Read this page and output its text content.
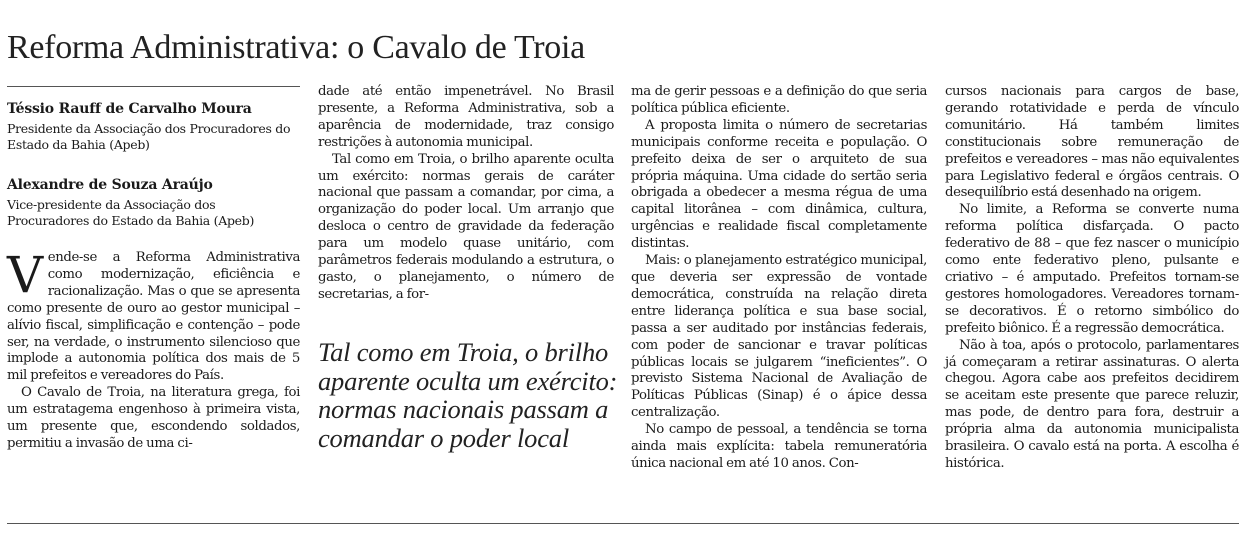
Reforma Administrativa: o Cavalo de Troia
Téssio Rauff de Carvalho Moura
Presidente da Associação dos Procuradores do Estado da Bahia (Apeb)
Alexandre de Souza Araújo
Vice-presidente da Associação dos Procuradores do Estado da Bahia (Apeb)

Vende-se a Reforma Administrativa como modernização, eficiência e racionalização. Mas o que se apresenta como presente de ouro ao gestor municipal – alívio fiscal, simplificação e contenção – pode ser, na verdade, o instrumento silencioso que implode a autonomia política dos mais de 5 mil prefeitos e vereadores do País.

O Cavalo de Troia, na literatura grega, foi um estratagema engenhoso à primeira vista, um presente que, escondendo soldados, permitiu a invasão de uma ci-

dade até então impenetrável. No Brasil presente, a Reforma Administrativa, sob a aparência de modernidade, traz consigo restrições à autonomia municipal.

Tal como em Troia, o brilho aparente oculta um exército: normas gerais de caráter nacional que passam a comandar, por cima, a organização do poder local. Um arranjo que desloca o centro de gravidade da federação para um modelo quase unitário, com parâmetros federais modulando a estrutura, o gasto, o planejamento, o número de secretarias, a for-

Tal como em Troia, o brilho aparente oculta um exército: normas nacionais passam a comandar o poder local

ma de gerir pessoas e a definição do que seria política pública eficiente.

A proposta limita o número de secretarias municipais conforme receita e população. O prefeito deixa de ser o arquiteto de sua própria máquina. Uma cidade do sertão seria obrigada a obedecer a mesma régua de uma capital litorânea – com dinâmica, cultura, urgências e realidade fiscal completamente distintas.

Mais: o planejamento estratégico municipal, que deveria ser expressão de vontade democrática, construída na relação direta entre liderança política e sua base social, passa a ser auditado por instâncias federais, com poder de sancionar e travar políticas públicas locais se julgarem “ineficientes”. O previsto Sistema Nacional de Avaliação de Políticas Públicas (Sinap) é o ápice dessa centralização.

No campo de pessoal, a tendência se torna ainda mais explícita: tabela remuneratória única nacional em até 10 anos. Con-

cursos nacionais para cargos de base, gerando rotatividade e perda de vínculo comunitário. Há também limites constitucionais sobre remuneração de prefeitos e vereadores – mas não equivalentes para Legislativo federal e órgãos centrais. O desequilíbrio está desenhado na origem.

No limite, a Reforma se converte numa reforma política disfarçada. O pacto federativo de 88 – que fez nascer o município como ente federativo pleno, pulsante e criativo – é amputado. Prefeitos tornam-se gestores homologadores. Vereadores tornam-se decorativos. É o retorno simbólico do prefeito biônico. É a regressão democrática.

Não à toa, após o protocolo, parlamentares já começaram a retirar assinaturas. O alerta chegou. Agora cabe aos prefeitos decidirem se aceitam este presente que parece reluzir, mas pode, de dentro para fora, destruir a própria alma da autonomia municipalista brasileira. O cavalo está na porta. A escolha é histórica.
